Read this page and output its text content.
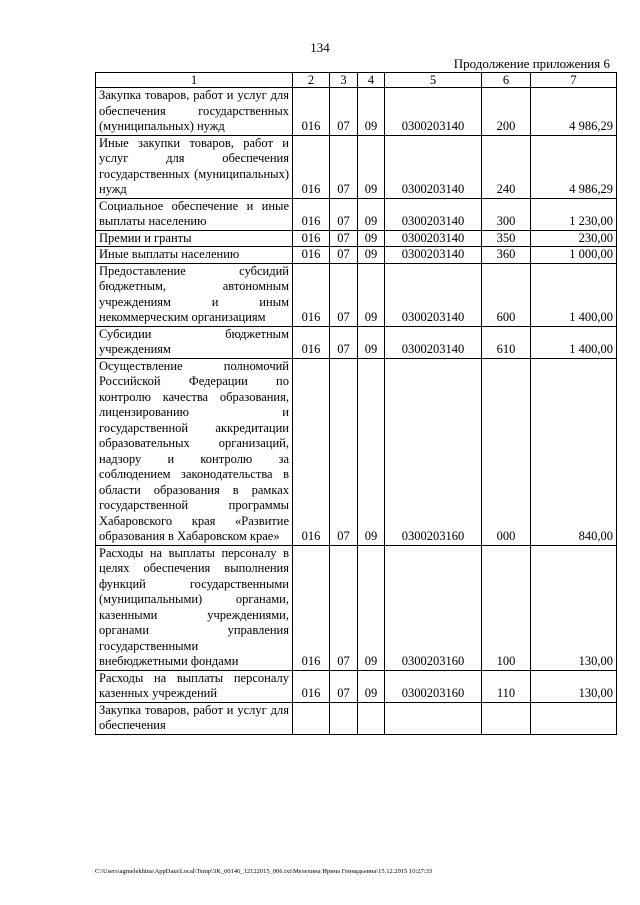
134
Продолжение приложения 6
1	2	3	4	5	6	7
Закупка товаров, работ и услуг для обеспечения государственных (муниципальных) нужд	016	07	09	0300203140	200	4 986,29
Иные закупки товаров, работ и услуг для обеспечения государственных (муниципальных) нужд	016	07	09	0300203140	240	4 986,29
Социальное обеспечение и иные выплаты населению	016	07	09	0300203140	300	1 230,00
Премии и гранты	016	07	09	0300203140	350	230,00
Иные выплаты населению	016	07	09	0300203140	360	1 000,00
Предоставление субсидий бюджетным, автономным учреждениям и иным некоммерческим организациям	016	07	09	0300203140	600	1 400,00
Субсидии бюджетным учреждениям	016	07	09	0300203140	610	1 400,00
Осуществление полномочий Российской Федерации по контролю качества образования, лицензированию и государственной аккредитации образовательных организаций, надзору и контролю за соблюдением законодательства в области образования в рамках государственной программы Хабаровского края «Развитие образования в Хабаровском крае»	016	07	09	0300203160	000	840,00
Расходы на выплаты персоналу в целях обеспечения выполнения функций государственными (муниципальными) органами, казенными учреждениями, органами управления государственными внебюджетными фондами	016	07	09	0300203160	100	130,00
Расходы на выплаты персоналу казенных учреждений	016	07	09	0300203160	110	130,00
Закупка товаров, работ и услуг для обеспечения						
C:\Users\agmelekhina\AppData\Local\Temp\3K_00146_12122015_006.txt\Мелехина Ирина Геннадьевна\15.12.2015 10:27:33
